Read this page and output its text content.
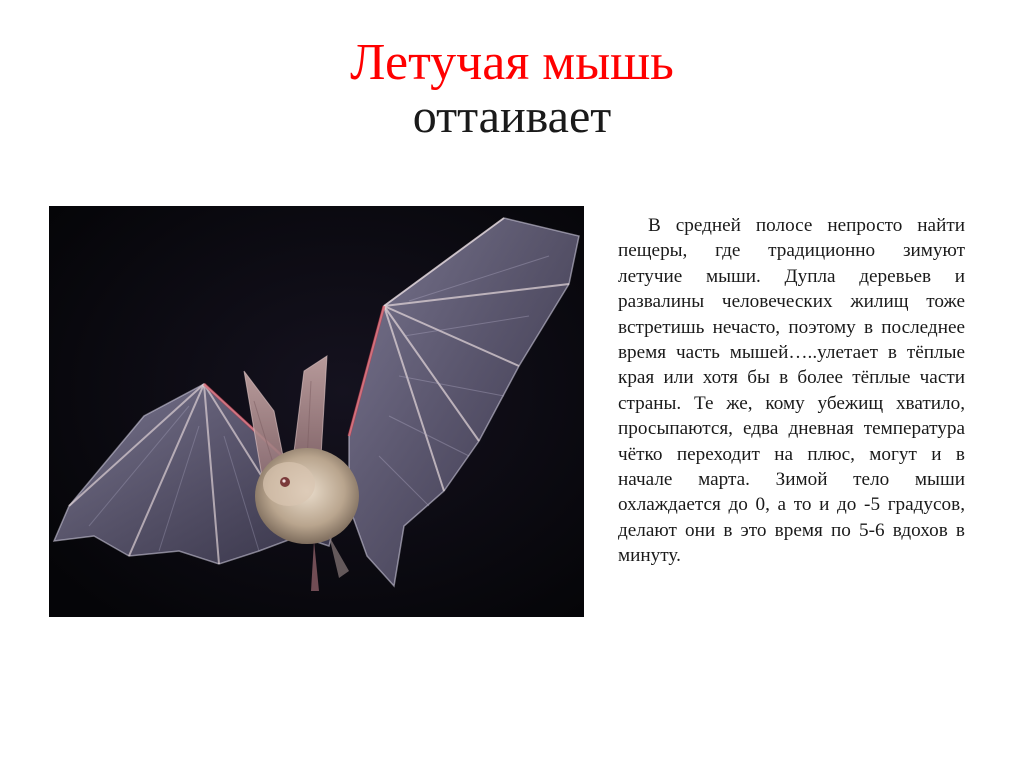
Летучая мышь
оттаивает

В средней полосе непросто найти пещеры, где традиционно зимуют летучие мыши. Дупла деревьев и развалины человеческих жилищ тоже встретишь нечасто, поэтому в последнее время часть мышей…..улетает в тёплые края или хотя бы в более тёплые части страны. Те же, кому убежищ хватило, просыпаются, едва дневная температура чётко переходит на плюс, могут и в начале марта. Зимой тело мыши охлаждается до 0, а то и до -5 градусов, делают они в это время по 5-6 вдохов в минуту.
